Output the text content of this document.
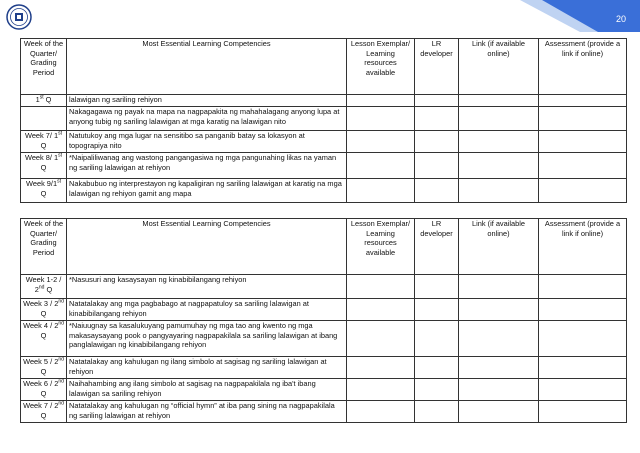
20
Week of the Quarter/ Grading Period	Most Essential Learning Competencies	Lesson Exemplar/ Learning resources available	LR developer	Link (if available online)	Assessment (provide a link if online)
1st Q	lalawigan ng sariling rehiyon				
	Nakagagawa ng payak na mapa na nagpapakita ng mahahalagang anyong lupa at anyong tubig ng sariling lalawigan at mga karatig na lalawigan nito				
Week 7/ 1st Q	Natutukoy ang mga lugar na sensitibo sa panganib batay sa lokasyon at topograpiya nito				
Week 8/ 1st Q	*Naipaliliwanag ang wastong pangangasiwa ng mga pangunahing likas na yaman ng sariling lalawigan at rehiyon				
Week 9/1st Q	Nakabubuo ng interprestayon ng kapaligiran ng sariling lalawigan at karatig na mga lalawigan ng rehiyon gamit ang mapa				
Week of the Quarter/ Grading Period	Most Essential Learning Competencies	Lesson Exemplar/ Learning resources available	LR developer	Link (if available online)	Assessment (provide a link if online)
Week 1-2 / 2nd Q	*Nasusuri ang kasaysayan ng kinabibilangang rehiyon				
Week 3 / 2nd Q	Natatalakay ang mga pagbabago at nagpapatuloy sa sariling lalawigan at kinabibilangang rehiyon				
Week 4 / 2nd Q	*Naiuugnay sa kasalukuyang pamumuhay ng mga tao ang kwento ng mga makasaysayang pook o pangyayaring nagpapakilala sa sariling lalawigan at ibang panglalawigan ng kinabibilangang rehiyon				
Week 5 / 2nd Q	Natatalakay ang kahulugan ng ilang simbolo at sagisag ng sariling lalawigan at rehiyon				
Week 6 / 2nd Q	Naihahambing ang ilang simbolo at sagisag na nagpapakilala ng iba't ibang lalawigan sa sariling rehiyon				
Week 7 / 2nd Q	Natatalakay ang kahulugan ng “official hymn” at iba pang sining na nagpapakilala ng sariling lalawigan at rehiyon				
